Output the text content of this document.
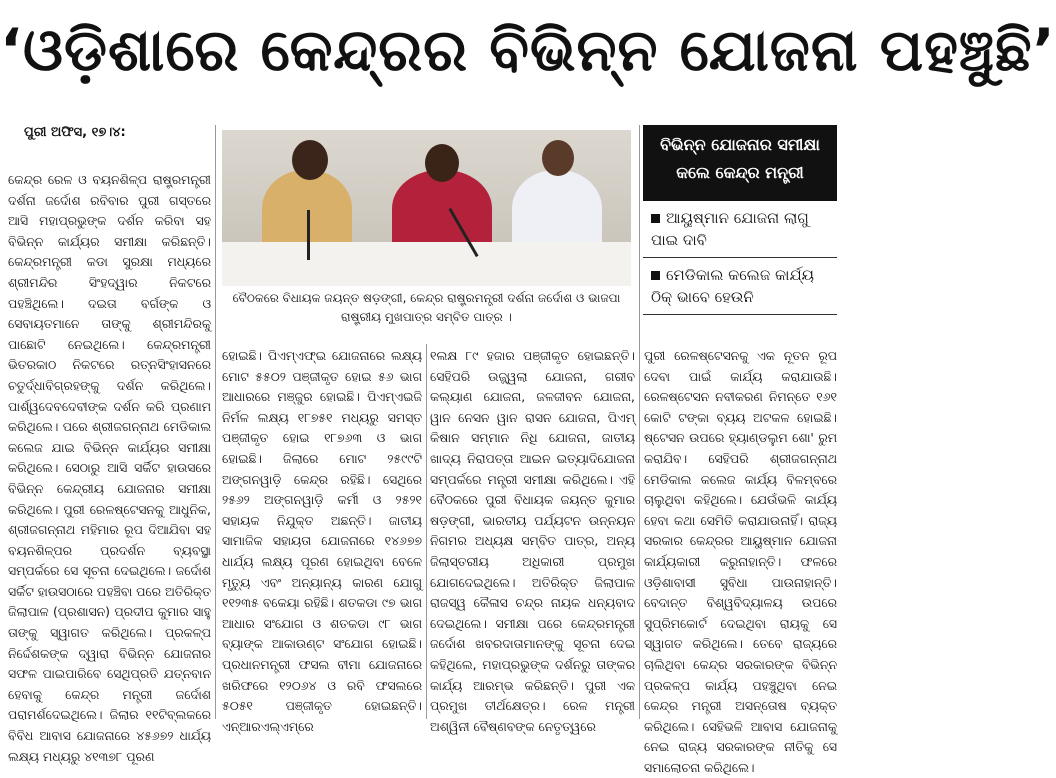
‘ଓଡ଼ିଶାରେ କେନ୍ଦ୍ରର ବିଭିନ୍ନ ଯୋଜନା ପହଞ୍ଚୁଛି’
ପୁରୀ ଅଫିସ, ୧୭।୪:
କେନ୍ଦ୍ର ରେଳ ଓ ବୟନଶିଳ୍ପ ରାଷ୍ଟ୍ରମନ୍ତ୍ରୀ ଦର୍ଶନା ଜର୍ଦୋଶ ରବିବାର ପୁରୀ ଗସ୍ତରେ ଆସି ମହାପ୍ରଭୁଙ୍କ ଦର୍ଶନ କରିବା ସହ ବିଭିନ୍ନ କାର୍ଯ୍ୟର ସମୀକ୍ଷା କରିଛନ୍ତି। କେନ୍ଦ୍ରମନ୍ତ୍ରୀ କଡା ସୁରକ୍ଷା ମଧ୍ୟରେ ଶ୍ରୀମନ୍ଦିର ସିଂହଦ୍ୱାର ନିକଟରେ ପହଞ୍ଚିଥିଲେ। ଦଇତା ବର୍ଗଙ୍କ ଓ ସେବାୟତମାନେ ତାଙ୍କୁ ଶ୍ରୀମନ୍ଦିରକୁ ପାଛୋଟି ନେଇଥିଲେ। କେନ୍ଦ୍ରମନ୍ତ୍ରୀ ଭିତରକାଠ ନିକଟରେ ରତ୍ନସିଂହାସନରେ ଚତୁର୍ଦ୍ଧାବିଗ୍ରହଙ୍କୁ ଦର୍ଶନ କରିଥିଲେ। ପାର୍ଶ୍ୱଦେବଦେବୀଙ୍କ ଦର୍ଶନ କରି ପ୍ରଣାମ କରିଥିଲେ। ପରେ ଶ୍ରୀଜଗନ୍ନାଥ ମେଡିକାଲ କଲେଜ ଯାଇ ବିଭିନ୍ନ କାର୍ଯ୍ୟର ସମୀକ୍ଷା କରିଥିଲେ। ସେଠାରୁ ଆସି ସର୍କିଟ ହାଉସରେ ବିଭିନ୍ନ କେନ୍ଦ୍ରୀୟ ଯୋଜନାର ସମୀକ୍ଷା କରିଥିଲେ। ପୁରୀ ରେଳଷ୍ଟେସନକୁ ଆଧୁନିକ, ଶ୍ରୀଜଗନ୍ନାଥ ମହିମାର ରୂପ ଦିଆଯିବା ସହ ବୟନଶିଳ୍ପର ପ୍ରଦର୍ଶନ ବ୍ୟବସ୍ଥା ସମ୍ପର୍କରେ ସେ ସୂଚନା ଦେଇଥିଲେ। ଜର୍ଦୋଶ ସର୍କିଟ ହାଉସଠାରେ ପହଞ୍ଚିବା ପରେ ଅତିରିକ୍ତ ଜିଲାପାଳ (ପ୍ରଶାସନ) ପ୍ରଦୀପ କୁମାର ସାହୁ ତାଙ୍କୁ ସ୍ୱାଗତ କରିଥିଲେ। ପ୍ରକଳ୍ପ ନିର୍ଦ୍ଦେଶକଙ୍କ ଦ୍ୱାରା ବିଭିନ୍ନ ଯୋଜନାର ସଫଳ ପାଇପାରିବେ ସେଥିପ୍ରତି ଯତ୍ନବାନ ହେବାକୁ କେନ୍ଦ୍ର ମନ୍ତ୍ରୀ ଜର୍ଦୋଶ ପରାମର୍ଶଦେଇଥିଲେ। ଜିଲାର ୧୧ଟିବ୍ଲକରେ ବିବିଧ ଆବାସ ଯୋଜନାରେ ୪୫୬୭୨ ଧାର୍ଯ୍ୟ ଲକ୍ଷ୍ୟ ମଧ୍ୟରୁ ୪୧୩୭୮ ପୂରଣ
ବୈଠକରେ ବିଧାୟକ ଜୟନ୍ତ ଷଡ଼ଙ୍ଗୀ, କେନ୍ଦ୍ର ରାଷ୍ଟ୍ରମନ୍ତ୍ରୀ ଦର୍ଶନା ଜର୍ଦୋଶ ଓ ଭାଜପା ରାଷ୍ଟ୍ରୀୟ ମୁଖପାତ୍ର ସମ୍ବିତ ପାତ୍ର ।
ବିଭିନ୍ନ ଯୋଜନାର ସମୀକ୍ଷା କଲେ କେନ୍ଦ୍ର ମନ୍ତ୍ରୀ
ଆୟୁଷ୍ମାନ ଯୋଜନା ଲାଗୁ ପାଇ ଦାବି
ମେଡିକାଲ କଲେଜ କାର୍ଯ୍ୟ ଠିକ୍‌ ଭାବେ ହେଉନି
ହୋଇଛି। ପିଏମ୍‌ଏଫ୍‌ଇ ଯୋଜନାରେ ଲକ୍ଷ୍ୟ ମୋଟ ୫୫୦୨ ପଞ୍ଜୀକୃତ ହୋଇ ୫୬ ଭାଗ ଆଧାରରେ ମଞ୍ଜୁର ହୋଇଛି। ପିଏମ୍‌ଏଇଜି ନିର୍ମଳ ଲକ୍ଷ୍ୟ ୧୮୭୫୧ ମଧ୍ୟରୁ ସମସ୍ତ ପଞ୍ଜୀକୃତ ହୋଇ ୧୮୭୬୩ ଓ ଭାଗ ହୋଇଛି। ଜିଲାରେ ମୋଟ ୨୫୯୯ଟି ଅଙ୍ଗନୱାଡ଼ି କେନ୍ଦ୍ର ରହିଛି। ସେଥିରେ ୨୫୬୨ ଅଙ୍ଗନୱାଡ଼ି କର୍ମୀ ଓ ୨୫୨୧ ସହାୟକ ନିଯୁକ୍ତ ଅଛନ୍ତି। ଜାତୀୟ ସାମାଜିକ ସହାୟତା ଯୋଜନାରେ ୧୪୬୭୭ ଧାର୍ଯ୍ୟ ଲକ୍ଷ୍ୟ ପୂରଣ ହୋଇଥିବା ବେଳେ ମୃତ୍ୟୁ ଏବଂ ଅନ୍ୟାନ୍ୟ କାରଣ ଯୋଗୁ ୧୧୨୩୫ ବକେୟା ରହିଛି। ଶତକଡା ୯୭ ଭାଗ ଆଧାର ସଂଯୋଗ ଓ ଶତକଡା ୯୮ ଭାଗ ବ୍ୟାଙ୍କ ଆକାଉଣ୍ଟ ସଂଯୋଗ ହୋଇଛି। ପ୍ରଧାନମନ୍ତ୍ରୀ ଫସଲ ବୀମା ଯୋଜନାରେ ଖରିଫରେ ୧୨୦୬୪ ଓ ରବି ଫସଲରେ ୫୦୫୧ ପଞ୍ଜୀକୃତ ହୋଇଛନ୍ତି। ଏନ୍‌ଆରଏଲ୍‌ଏମ୍‌ରେ
୧ଲକ୍ଷ ୮୯ ହଜାର ପଞ୍ଜୀକୃତ ହୋଇଛନ୍ତି। ସେହିପରି ଉଜ୍ଜ୍ୱଲା ଯୋଜନା, ଗରୀବ କଲ୍ୟାଣ ଯୋଜନା, ଜଳଜୀବନ ଯୋଜନା, ୱାନ ନେସନ ୱାନ ରାସନ ଯୋଜନା, ପିଏମ୍ କିଷାନ ସମ୍ମାନ ନିଧି ଯୋଜନା, ଜାତୀୟ ଖାଦ୍ୟ ନିରାପତ୍ତା ଆଇନ ଇତ୍ୟାଦିଯୋଜନା ସମ୍ପର୍କରେ ମନ୍ତ୍ରୀ ସମୀକ୍ଷା କରିଥିଲେ। ଏହି ବୈଠକରେ ପୁରୀ ବିଧାୟକ ଜୟନ୍ତ କୁମାର ଷଡ଼ଙ୍ଗୀ, ଭାରତୀୟ ପର୍ଯ୍ୟଟନ ଉନ୍ନୟନ ନିଗମର ଅଧ୍ୟକ୍ଷ ସମ୍ବିତ ପାତ୍ର, ଅନ୍ୟ ଜିଲାସ୍ତରୀୟ ଅଧିକାରୀ ପ୍ରମୁଖ ଯୋଗଦେଇଥିଲେ। ଅତିରିକ୍ତ ଜିଲାପାଳ ରାଜସ୍ୱ କୈଳାସ ଚନ୍ଦ୍ର ନାୟକ ଧନ୍ୟବାଦ ଦେଇଥିଲେ। ସମୀକ୍ଷା ପରେ କେନ୍ଦ୍ରମନ୍ତ୍ରୀ ଜର୍ଦୋଶ ଖବରଦାତାମାନଙ୍କୁ ସୂଚନା ଦେଇ କହିଥିଲେ, ମହାପ୍ରଭୁଙ୍କ ଦର୍ଶନରୁ ତାଙ୍କର କାର୍ଯ୍ୟ ଆରମ୍ଭ କରିଛନ୍ତି। ପୁରୀ ଏକ ପ୍ରମୁଖ ତୀର୍ଥକ୍ଷେତ୍ର। ରେଳ ମନ୍ତ୍ରୀ ଅଶ୍ୱିନୀ ବୈଷ୍ଣବଙ୍କ ନେତୃତ୍ୱରେ
ପୁରୀ ରେଳଷ୍ଟେସନକୁ ଏକ ନୂତନ ରୂପ ଦେବା ପାଇଁ କାର୍ଯ୍ୟ କରାଯାଉଛି। ରେଳଷ୍ଟେସନ ନବୀକରଣ ନିମନ୍ତେ ୧୬୧ କୋଟି ଟଙ୍କା ବ୍ୟୟ ଅଟକଳ ହୋଇଛି। ଷ୍ଟେସନ ଉପରେ ହ୍ୟାଣ୍ଡଲୁମ ଶୋ' ରୁମ କରାଯିବ। ସେହିପରି ଶ୍ରୀଜଗନ୍ନାଥ ମେଡିକାଲ କଲେଜ କାର୍ଯ୍ୟ ବିଳମ୍ବରେ ଚାଲୁଥିବା କହିଥିଲେ। ଯେଉଁଭଳି କାର୍ଯ୍ୟ ହେବା କଥା ସେମିତି କରାଯାଉନାହିଁ। ରାଜ୍ୟ ସରକାର କେନ୍ଦ୍ରର ଆୟୁଷ୍ମାନ ଯୋଜନା କାର୍ଯ୍ୟକାରୀ କରୁନାହାନ୍ତି। ଫଳରେ ଓଡ଼ିଶାବାସୀ ସୁବିଧା ପାଉନାହାନ୍ତି। ବେଦାନ୍ତ ବିଶ୍ୱବିଦ୍ୟାଳୟ ଉପରେ ସୁପ୍ରିମକୋର୍ଟ ଦେଇଥିବା ରାୟକୁ ସେ ସ୍ୱାଗତ କରିଥିଲେ। ତେବେ ରାଜ୍ୟରେ ଚାଲିଥିବା କେନ୍ଦ୍ର ସରକାରଙ୍କ ବିଭିନ୍ନ ପ୍ରକଳ୍ପ କାର୍ଯ୍ୟ ପହଞ୍ଚୁଥିବା ନେଇ କେନ୍ଦ୍ର ମନ୍ତ୍ରୀ ଅସନ୍ତୋଷ ବ୍ୟକ୍ତ କରିଥିଲେ। ସେହିଭଳି ଆବାସ ଯୋଜନାକୁ ନେଇ ରାଜ୍ୟ ସରକାରଙ୍କ ନୀତିକୁ ସେ ସମାଲୋଚନା କରିଥିଲେ।
